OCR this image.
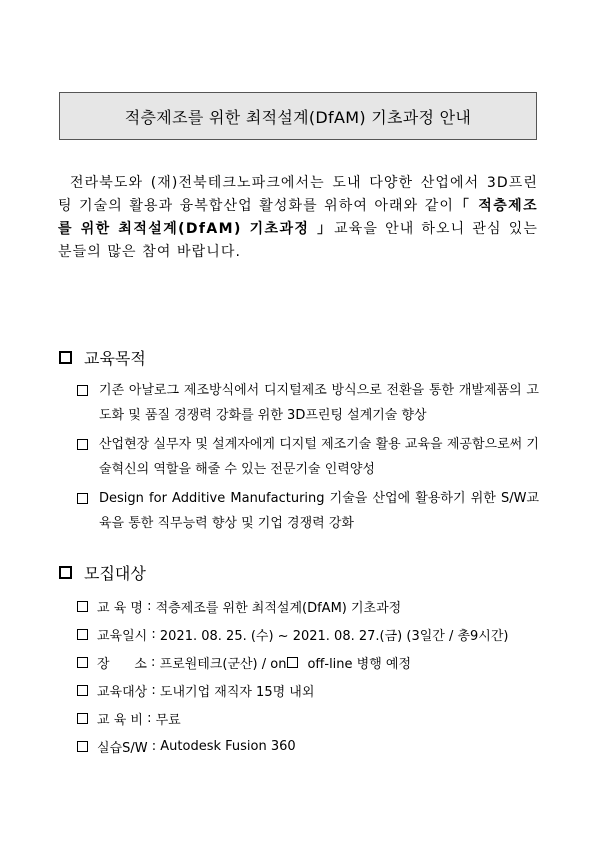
적층제조를 위한 최적설계(DfAM) 기초과정 안내
전라북도와 (재)전북테크노파크에서는 도내 다양한 산업에서 3D프린팅 기술의 활용과 융복합산업 활성화를 위하여 아래와 같이「 적층제조를 위한 최적설계(DfAM) 기초과정 」교육을 안내 하오니 관심 있는 분들의 많은 참여 바랍니다.
교육목적
기존 아날로그 제조방식에서 디지털제조 방식으로 전환을 통한 개발제품의 고도화 및 품질 경쟁력 강화를 위한 3D프린팅 설계기술 향상
산업현장 실무자 및 설계자에게 디지털 제조기술 활용 교육을 제공함으로써 기술혁신의 역할을 해줄 수 있는 전문기술 인력양성
Design for Additive Manufacturing 기술을 산업에 활용하기 위한 S/W교육을 통한 직무능력 향상 및 기업 경쟁력 강화
모집대상
교 육 명 : 적층제조를 위한 최적설계(DfAM) 기초과정
교육일시 : 2021. 08. 25. (수) ~ 2021. 08. 27.(금) (3일간 / 총9시간)
장      소 : 프로원테크(군산) / on off-line 병행 예정
교육대상 : 도내기업 재직자 15명 내외
교 육 비 : 무료
실습S/W : Autodesk Fusion 360
